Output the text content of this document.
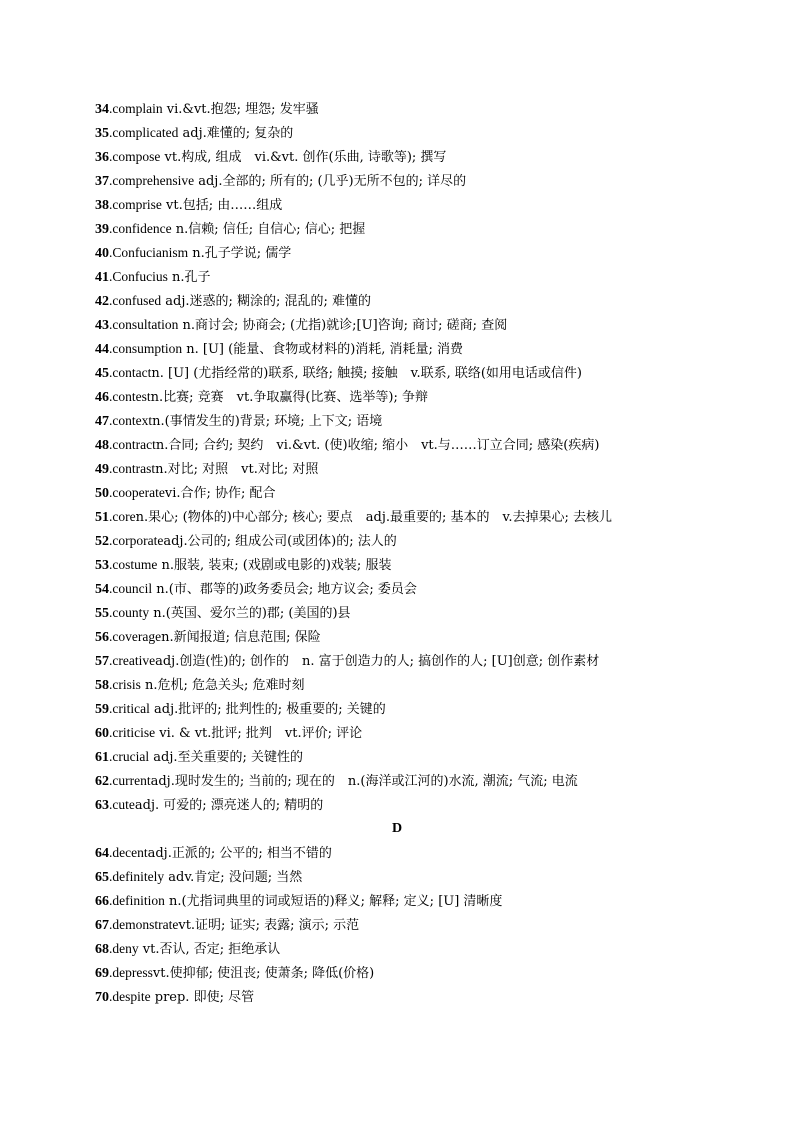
34.complain vi.&vt.抱怨; 埋怨; 发牢骚
35.complicated adj.难懂的; 复杂的
36.compose vt.构成, 组成　vi.&vt. 创作(乐曲, 诗歌等); 撰写
37.comprehensive adj.全部的; 所有的; (几乎)无所不包的; 详尽的
38.comprise vt.包括; 由……组成
39.confidence n.信赖; 信任; 自信心; 信心; 把握
40.Confucianism n.孔子学说; 儒学
41.Confucius n.孔子
42.confused adj.迷惑的; 糊涂的; 混乱的; 难懂的
43.consultation n.商讨会; 协商会; (尤指)就诊;[U]咨询; 商讨; 磋商; 查阅
44.consumption n. [U] (能量、食物或材料的)消耗, 消耗量; 消费
45.contactn. [U] (尤指经常的)联系, 联络; 触摸; 接触　v.联系, 联络(如用电话或信件)
46.contestn.比赛; 竞赛　vt.争取赢得(比赛、选举等); 争辩
47.contextn.(事情发生的)背景; 环境; 上下文; 语境
48.contractn.合同; 合约; 契约　vi.&vt. (使)收缩; 缩小　vt.与……订立合同; 感染(疾病)
49.contrastn.对比; 对照　vt.对比; 对照
50.cooperatevi.合作; 协作; 配合
51.coren.果心; (物体的)中心部分; 核心; 要点　adj.最重要的; 基本的　v.去掉果心; 去核儿
52.corporateadj.公司的; 组成公司(或团体)的; 法人的
53.costume n.服装, 装束; (戏剧或电影的)戏装; 服装
54.council n.(市、郡等的)政务委员会; 地方议会; 委员会
55.county n.(英国、爱尔兰的)郡; (美国的)县
56.coveragen.新闻报道; 信息范围; 保险
57.creativeadj.创造(性)的; 创作的　n. 富于创造力的人; 搞创作的人; [U]创意; 创作素材
58.crisis n.危机; 危急关头; 危难时刻
59.critical adj.批评的; 批判性的; 极重要的; 关键的
60.criticise vi. & vt.批评; 批判　vt.评价; 评论
61.crucial adj.至关重要的; 关键性的
62.currentadj.现时发生的; 当前的; 现在的　n.(海洋或江河的)水流, 潮流; 气流; 电流
63.cuteadj. 可爱的; 漂亮迷人的; 精明的
D
64.decentadj.正派的; 公平的; 相当不错的
65.definitely adv.肯定; 没问题; 当然
66.definition n.(尤指词典里的词或短语的)释义; 解释; 定义; [U] 清晰度
67.demonstratevt.证明; 证实; 表露; 演示; 示范
68.deny vt.否认, 否定; 拒绝承认
69.depressvt.使抑郁; 使沮丧; 使萧条; 降低(价格)
70.despite prep. 即使; 尽管
